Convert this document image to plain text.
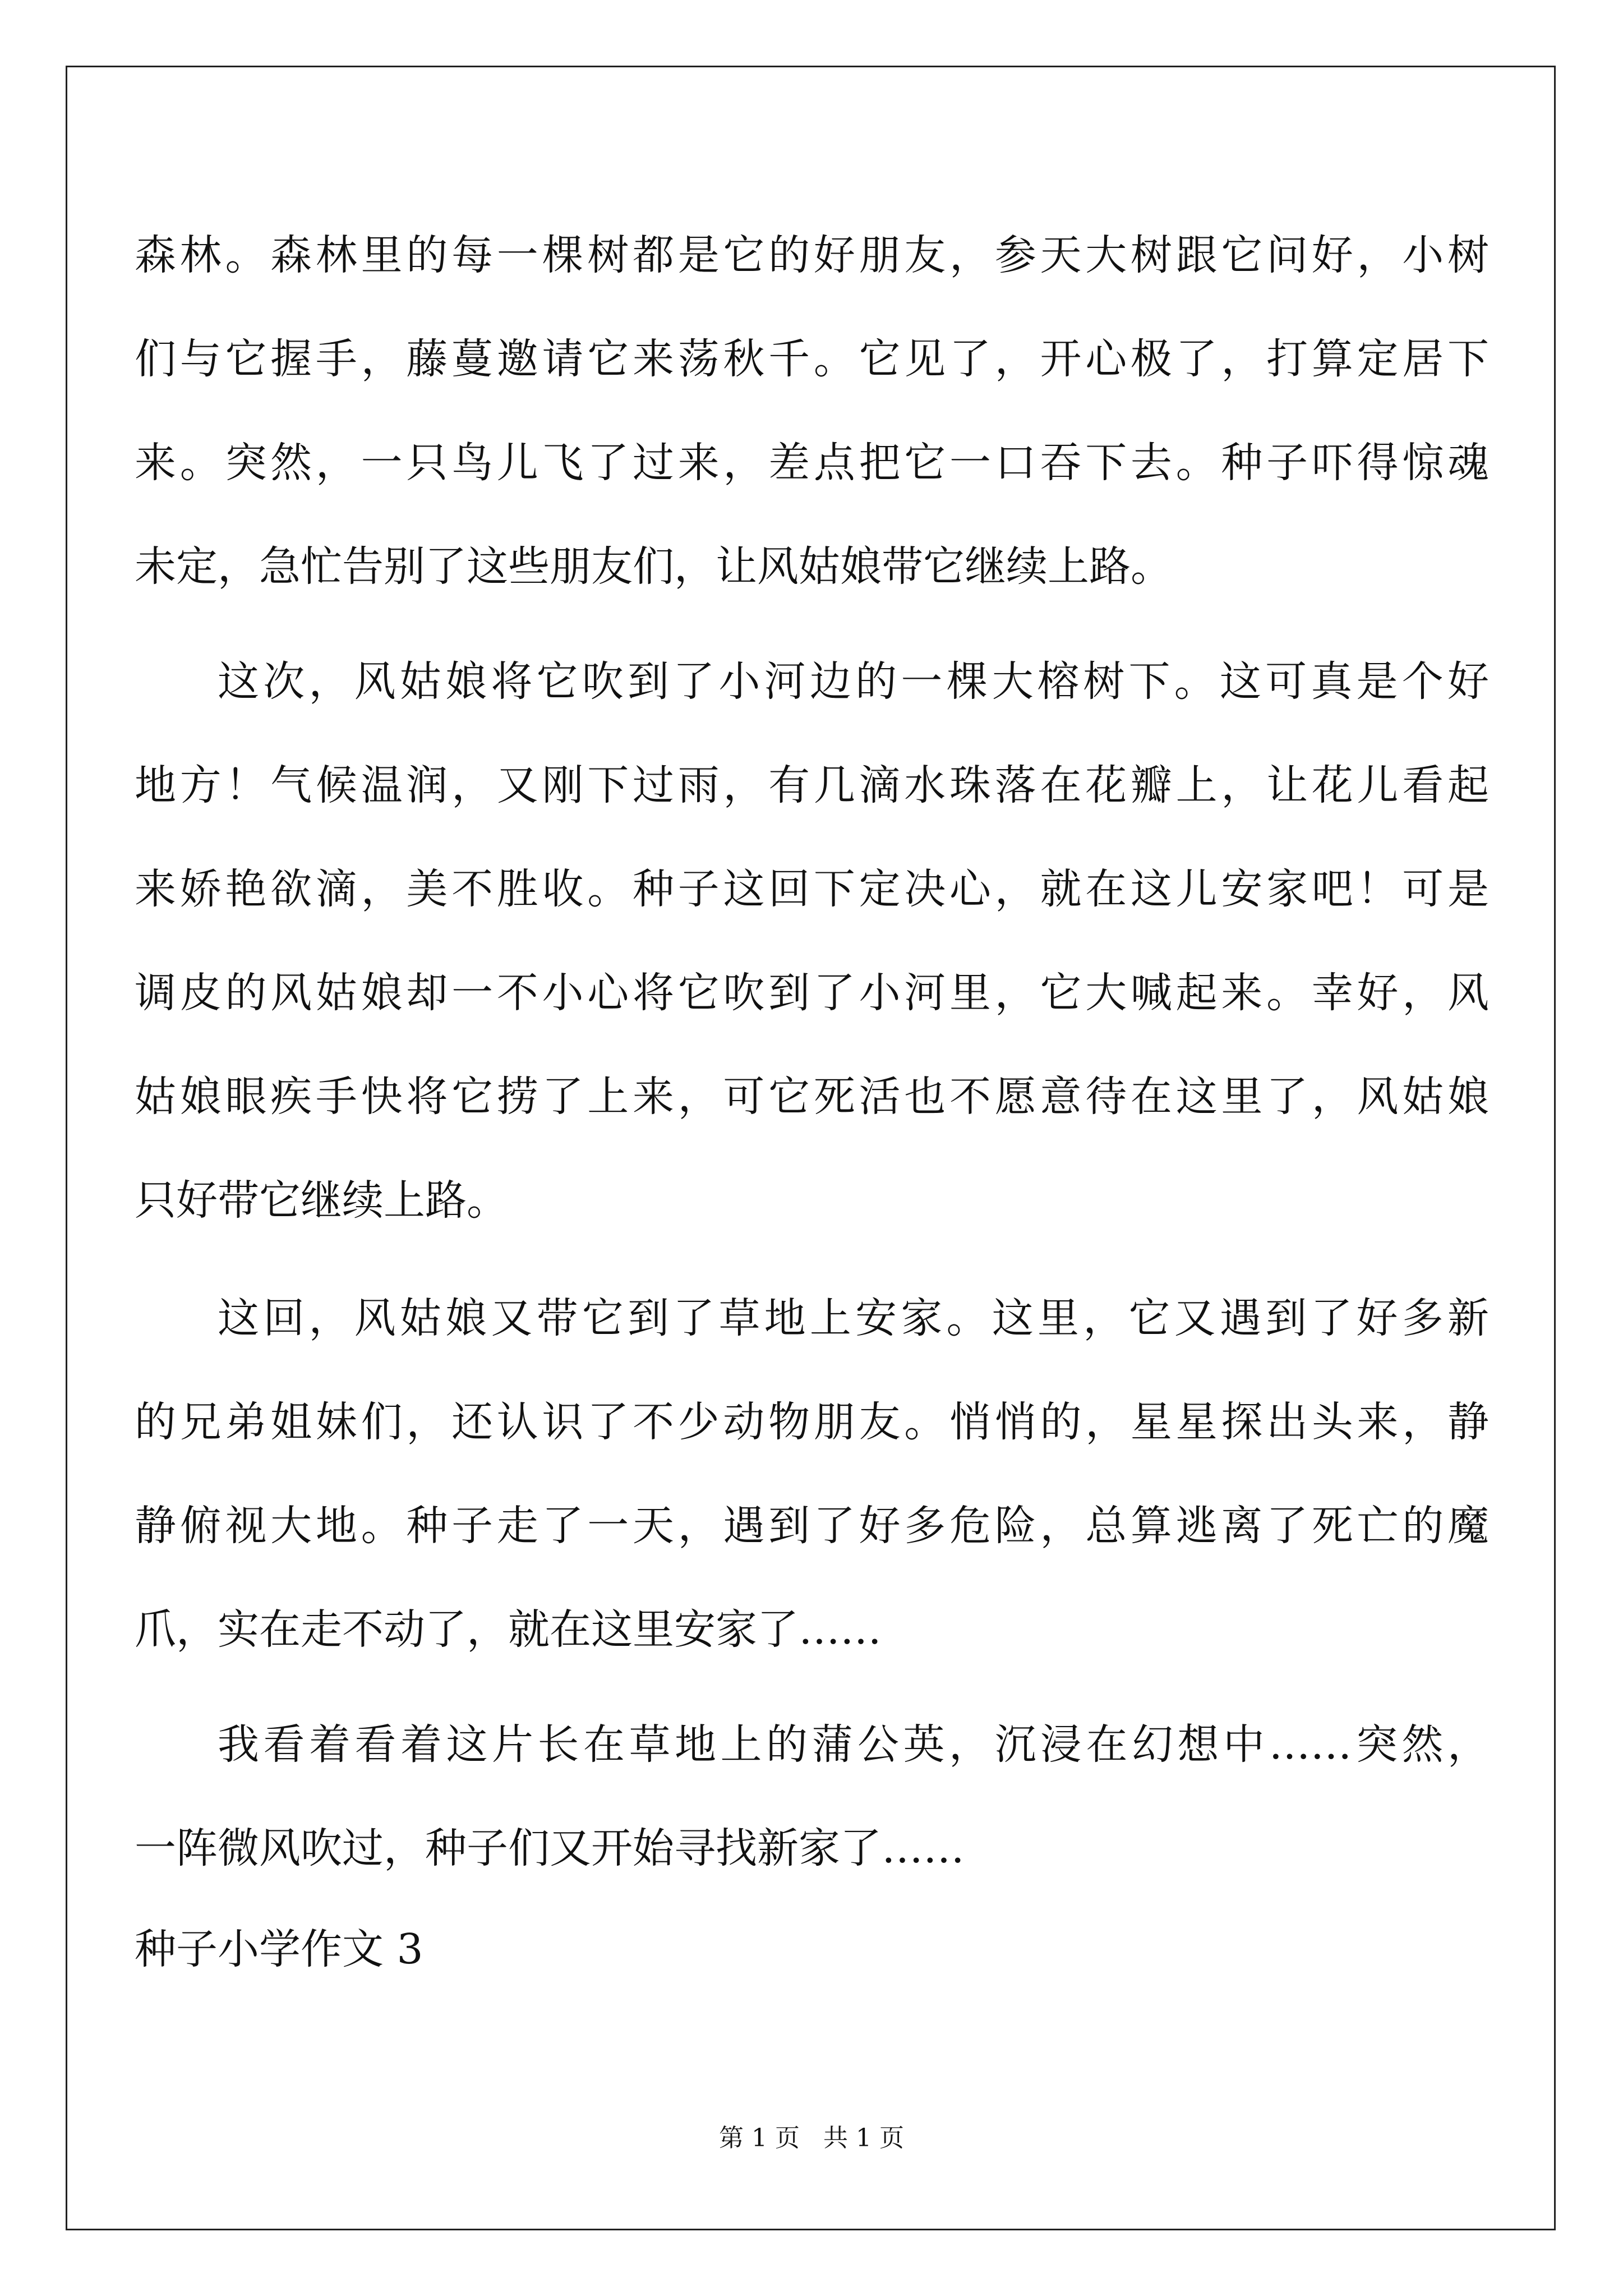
森林。森林里的每一棵树都是它的好朋友，参天大树跟它问好，小树
们与它握手，藤蔓邀请它来荡秋千。它见了，开心极了，打算定居下
来。突然，一只鸟儿飞了过来，差点把它一口吞下去。种子吓得惊魂
未定，急忙告别了这些朋友们，让风姑娘带它继续上路。
这次，风姑娘将它吹到了小河边的一棵大榕树下。这可真是个好
地方！气候温润，又刚下过雨，有几滴水珠落在花瓣上，让花儿看起
来娇艳欲滴，美不胜收。种子这回下定决心，就在这儿安家吧！可是
调皮的风姑娘却一不小心将它吹到了小河里，它大喊起来。幸好，风
姑娘眼疾手快将它捞了上来，可它死活也不愿意待在这里了，风姑娘
只好带它继续上路。
这回，风姑娘又带它到了草地上安家。这里，它又遇到了好多新
的兄弟姐妹们，还认识了不少动物朋友。悄悄的，星星探出头来，静
静俯视大地。种子走了一天，遇到了好多危险，总算逃离了死亡的魔
爪，实在走不动了，就在这里安家了……
我看着看着这片长在草地上的蒲公英，沉浸在幻想中……突然，
一阵微风吹过，种子们又开始寻找新家了……
种子小学作文 3
第 1 页   共 1 页
